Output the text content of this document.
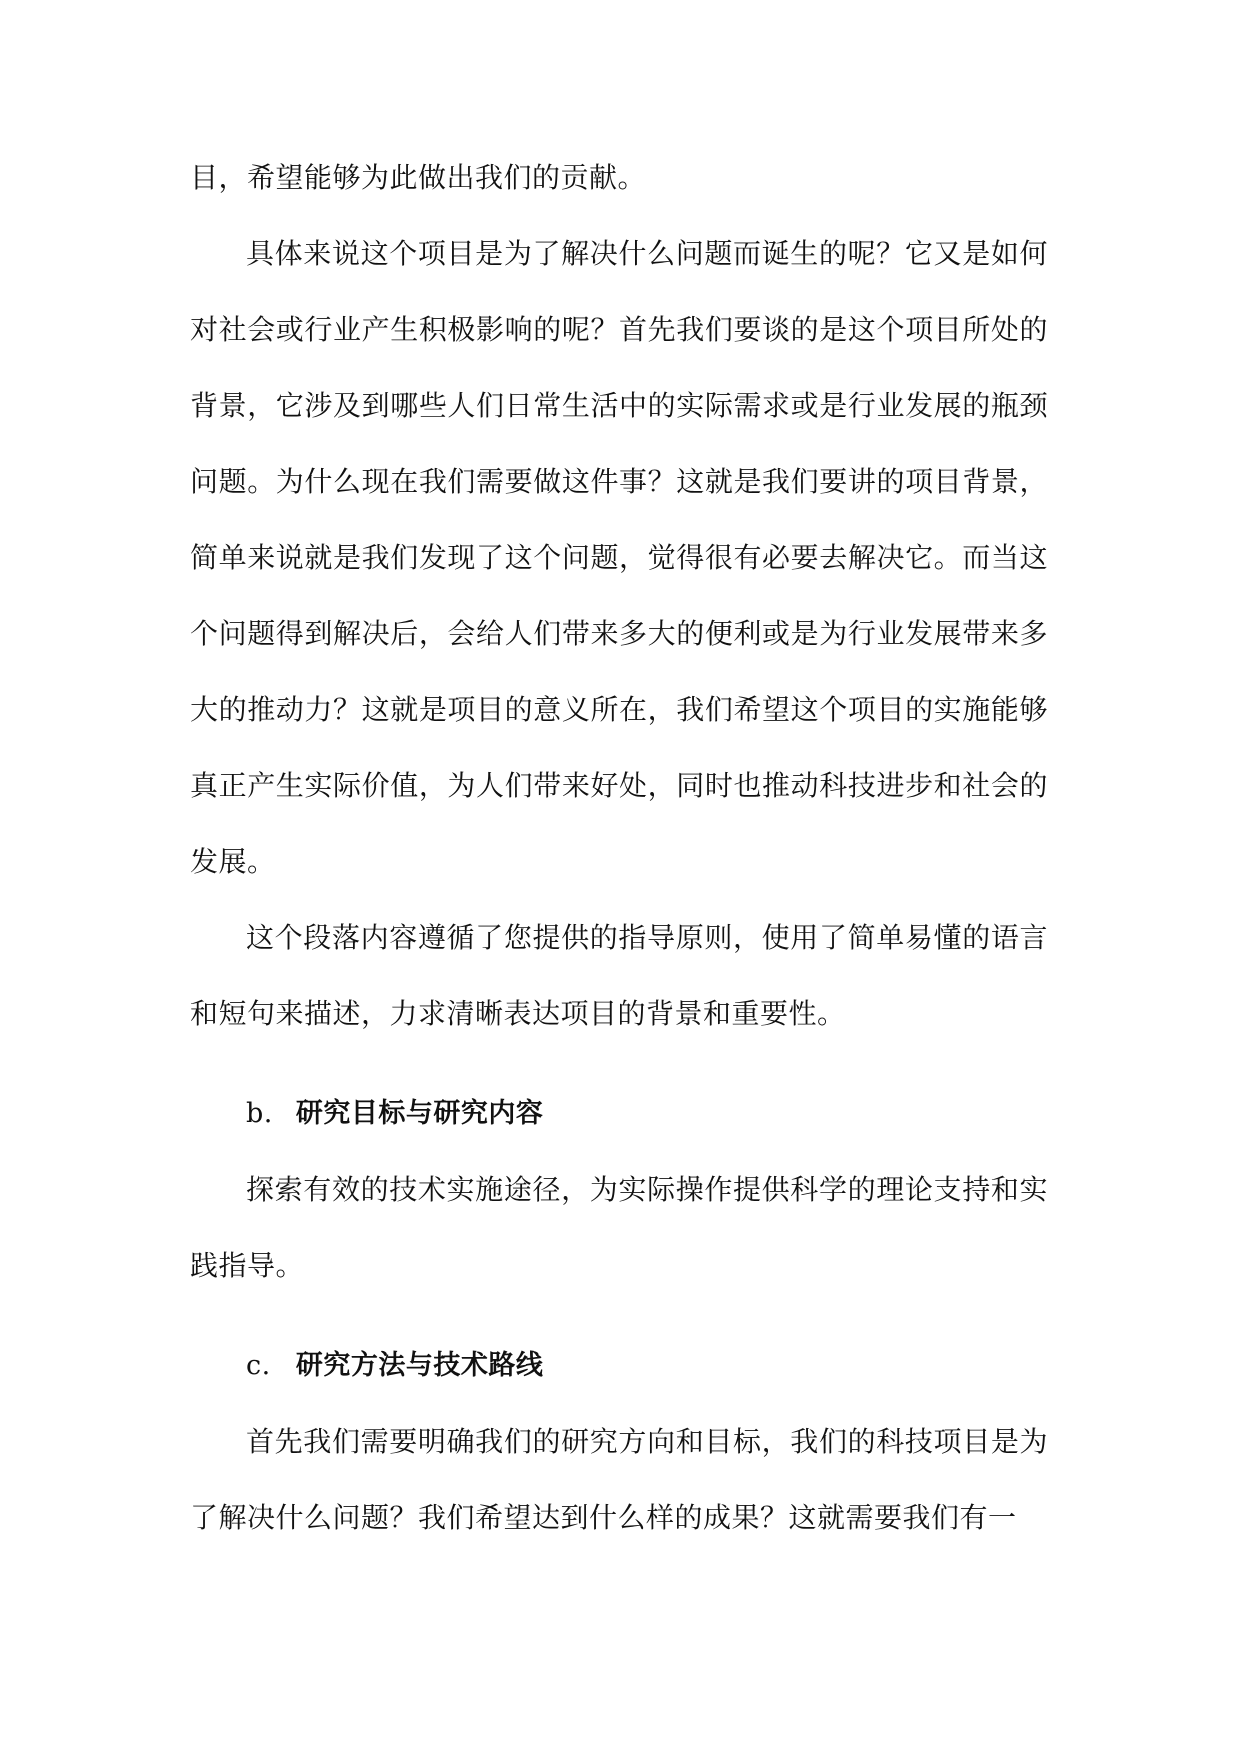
目，希望能够为此做出我们的贡献。

具体来说这个项目是为了解决什么问题而诞生的呢？它又是如何对社会或行业产生积极影响的呢？首先我们要谈的是这个项目所处的背景，它涉及到哪些人们日常生活中的实际需求或是行业发展的瓶颈问题。为什么现在我们需要做这件事？这就是我们要讲的项目背景，简单来说就是我们发现了这个问题，觉得很有必要去解决它。而当这个问题得到解决后，会给人们带来多大的便利或是为行业发展带来多大的推动力？这就是项目的意义所在，我们希望这个项目的实施能够真正产生实际价值，为人们带来好处，同时也推动科技进步和社会的发展。

这个段落内容遵循了您提供的指导原则，使用了简单易懂的语言和短句来描述，力求清晰表达项目的背景和重要性。

b. 研究目标与研究内容

探索有效的技术实施途径，为实际操作提供科学的理论支持和实践指导。

c. 研究方法与技术路线

首先我们需要明确我们的研究方向和目标，我们的科技项目是为了解决什么问题？我们希望达到什么样的成果？这就需要我们有一
